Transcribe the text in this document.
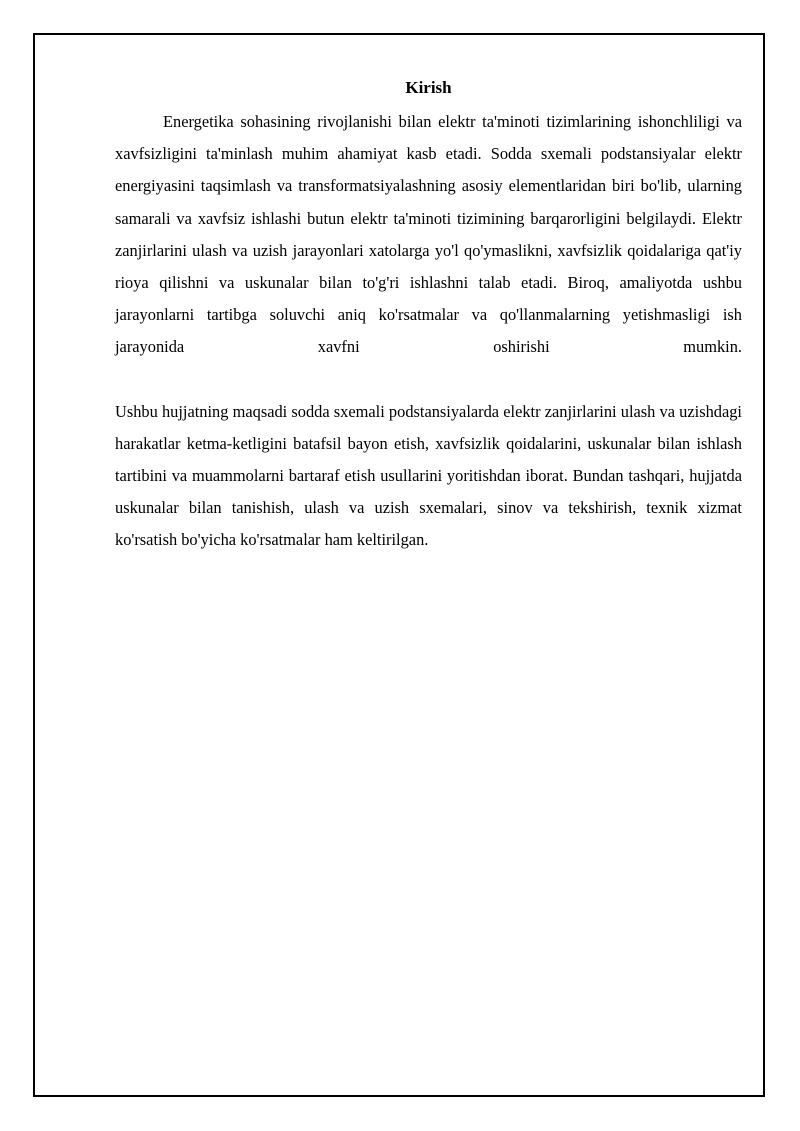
Kirish

Energetika sohasining rivojlanishi bilan elektr ta'minoti tizimlarining ishonchliligi va xavfsizligini ta'minlash muhim ahamiyat kasb etadi. Sodda sxemali podstansiyalar elektr energiyasini taqsimlash va transformatsiyalashning asosiy elementlaridan biri bo'lib, ularning samarali va xavfsiz ishlashi butun elektr ta'minoti tizimining barqarorligini belgilaydi. Elektr zanjirlarini ulash va uzish jarayonlari xatolarga yo'l qo'ymaslikni, xavfsizlik qoidalariga qat'iy rioya qilishni va uskunalar bilan to'g'ri ishlashni talab etadi. Biroq, amaliyotda ushbu jarayonlarni tartibga soluvchi aniq ko'rsatmalar va qo'llanmalarning yetishmasligi ish jarayonida xavfni oshirishi mumkin.

Ushbu hujjatning maqsadi sodda sxemali podstansiyalarda elektr zanjirlarini ulash va uzishdagi harakatlar ketma-ketligini batafsil bayon etish, xavfsizlik qoidalarini, uskunalar bilan ishlash tartibini va muammolarni bartaraf etish usullarini yoritishdan iborat. Bundan tashqari, hujjatda uskunalar bilan tanishish, ulash va uzish sxemalari, sinov va tekshirish, texnik xizmat ko'rsatish bo'yicha ko'rsatmalar ham keltirilgan.
